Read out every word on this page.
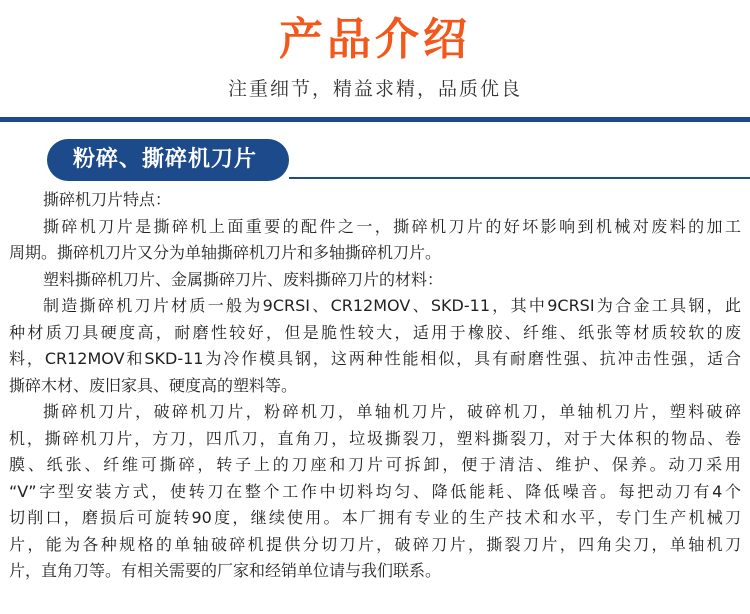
产品介绍
注重细节，精益求精，品质优良
粉碎、撕碎机刀片
撕碎机刀片特点：
撕碎机刀片是撕碎机上面重要的配件之一，撕碎机刀片的好坏影响到机械对废料的加工
周期。撕碎机刀片又分为单轴撕碎机刀片和多轴撕碎机刀片。
塑料撕碎机刀片、金属撕碎刀片、废料撕碎刀片的材料：
制造撕碎机刀片材质一般为9CRSI、CR12MOV、SKD-11，其中9CRSI为合金工具钢，此
种材质刀具硬度高，耐磨性较好，但是脆性较大，适用于橡胶、纤维、纸张等材质较软的废
料，CR12MOV和SKD-11为冷作模具钢，这两种性能相似，具有耐磨性强、抗冲击性强，适合
撕碎木材、废旧家具、硬度高的塑料等。
撕碎机刀片，破碎机刀片，粉碎机刀，单轴机刀片，破碎机刀，单轴机刀片，塑料破碎
机，撕碎机刀片，方刀，四爪刀，直角刀，垃圾撕裂刀，塑料撕裂刀，对于大体积的物品、卷
膜、纸张、纤维可撕碎，转子上的刀座和刀片可拆卸，便于清洁、维护、保养。动刀采用
“V”字型安装方式，使转刀在整个工作中切料均匀、降低能耗、降低噪音。每把动刀有4个
切削口，磨损后可旋转90度，继续使用。本厂拥有专业的生产技术和水平，专门生产机械刀
片，能为各种规格的单轴破碎机提供分切刀片，破碎刀片，撕裂刀片，四角尖刀，单轴机刀
片，直角刀等。有相关需要的厂家和经销单位请与我们联系。
